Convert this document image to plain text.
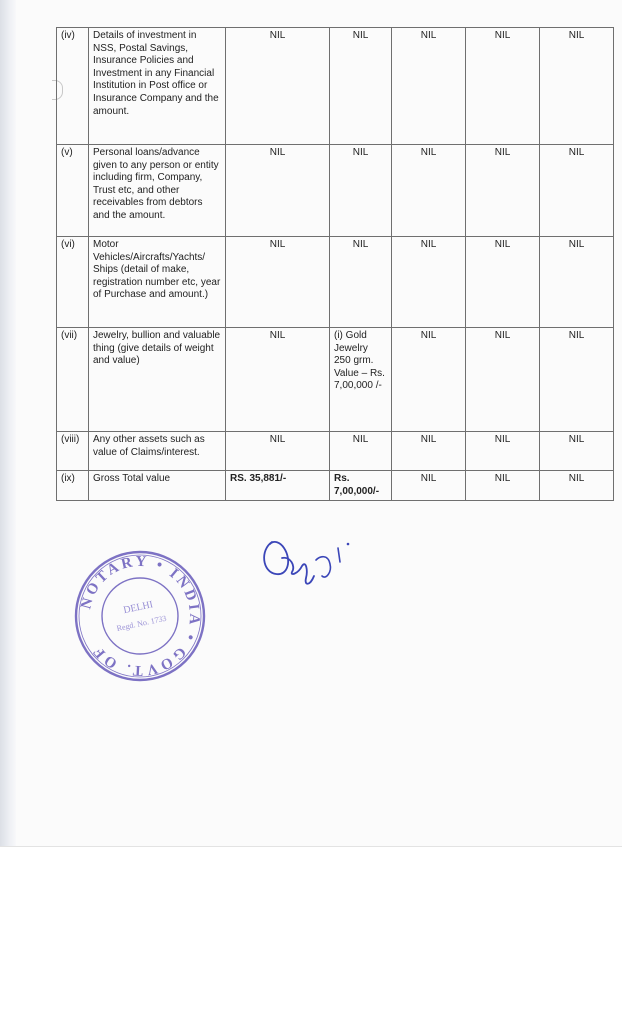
(iv)	Details of investment in NSS, Postal Savings, Insurance Policies and Investment in any Financial Institution in Post office or Insurance Company and the amount.	NIL	NIL	NIL	NIL	NIL
(v)	Personal loans/advance given to any person or entity including firm, Company, Trust etc, and other receivables from debtors and the amount.	NIL	NIL	NIL	NIL	NIL
(vi)	Motor Vehicles/Aircrafts/Yachts/ Ships (detail of make, registration number etc, year of Purchase and amount.)	NIL	NIL	NIL	NIL	NIL
(vii)	Jewelry, bullion and valuable thing (give details of weight and value)	NIL	(i) Gold Jewelry 250 grm. Value – Rs. 7,00,000 /-	NIL	NIL	NIL
(viii)	Any other assets such as value of Claims/interest.	NIL	NIL	NIL	NIL	NIL
(ix)	Gross Total value	RS. 35,881/-	Rs. 7,00,000/-	NIL	NIL	NIL
NOTARY • INDIA • GOVT. OF
DELHI
Regd. No. 1733
